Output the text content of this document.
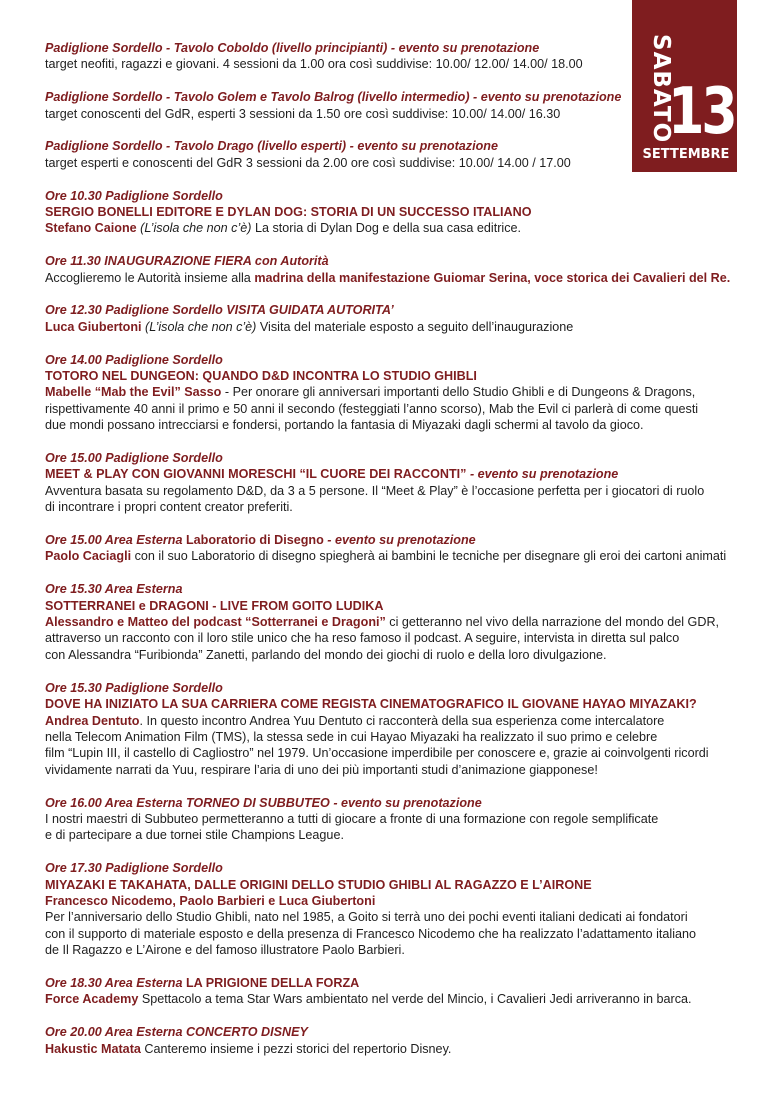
SABATO
13
SETTEMBRE
Padiglione Sordello - Tavolo Coboldo (livello principianti) - evento su prenotazione
target neofiti, ragazzi e giovani. 4 sessioni da 1.00 ora così suddivise: 10.00/ 12.00/ 14.00/ 18.00
Padiglione Sordello - Tavolo Golem e Tavolo Balrog (livello intermedio) - evento su prenotazione
target conoscenti del GdR, esperti 3 sessioni da 1.50 ore così suddivise: 10.00/ 14.00/ 16.30
Padiglione Sordello - Tavolo Drago (livello esperti) - evento su prenotazione
target esperti e conoscenti del GdR 3 sessioni da 2.00 ore così suddivise: 10.00/ 14.00 / 17.00
Ore 10.30 Padiglione Sordello
SERGIO BONELLI EDITORE E DYLAN DOG: STORIA DI UN SUCCESSO ITALIANO
Stefano Caione (L’isola che non c’è) La storia di Dylan Dog e della sua casa editrice.
Ore 11.30 INAUGURAZIONE FIERA con Autorità
Accoglieremo le Autorità insieme alla madrina della manifestazione Guiomar Serina, voce storica dei Cavalieri del Re.
Ore 12.30 Padiglione Sordello VISITA GUIDATA AUTORITA’
Luca Giubertoni (L’isola che non c’è) Visita del materiale esposto a seguito dell’inaugurazione
Ore 14.00 Padiglione Sordello
TOTORO NEL DUNGEON: QUANDO D&D INCONTRA LO STUDIO GHIBLI
Mabelle “Mab the Evil” Sasso - Per onorare gli anniversari importanti dello Studio Ghibli e di Dungeons & Dragons,
rispettivamente 40 anni il primo e 50 anni il secondo (festeggiati l’anno scorso), Mab the Evil ci parlerà di come questi
due mondi possano intrecciarsi e fondersi, portando la fantasia di Miyazaki dagli schermi al tavolo da gioco.
Ore 15.00 Padiglione Sordello
MEET & PLAY CON GIOVANNI MORESCHI “IL CUORE DEI RACCONTI” - evento su prenotazione
Avventura basata su regolamento D&D, da 3 a 5 persone. Il “Meet & Play” è l’occasione perfetta per i giocatori di ruolo
di incontrare i propri content creator preferiti.
Ore 15.00 Area Esterna Laboratorio di Disegno - evento su prenotazione
Paolo Caciagli con il suo Laboratorio di disegno spiegherà ai bambini le tecniche per disegnare gli eroi dei cartoni animati
Ore 15.30 Area Esterna
SOTTERRANEI e DRAGONI - LIVE FROM GOITO LUDIKA
Alessandro e Matteo del podcast “Sotterranei e Dragoni” ci getteranno nel vivo della narrazione del mondo del GDR,
attraverso un racconto con il loro stile unico che ha reso famoso il podcast. A seguire, intervista in diretta sul palco
con Alessandra “Furibionda” Zanetti, parlando del mondo dei giochi di ruolo e della loro divulgazione.
Ore 15.30 Padiglione Sordello
DOVE HA INIZIATO LA SUA CARRIERA COME REGISTA CINEMATOGRAFICO IL GIOVANE HAYAO MIYAZAKI?
Andrea Dentuto. In questo incontro Andrea Yuu Dentuto ci racconterà della sua esperienza come intercalatore
nella Telecom Animation Film (TMS), la stessa sede in cui Hayao Miyazaki ha realizzato il suo primo e celebre
film “Lupin III, il castello di Cagliostro” nel 1979. Un’occasione imperdibile per conoscere e, grazie ai coinvolgenti ricordi
vividamente narrati da Yuu, respirare l’aria di uno dei più importanti studi d’animazione giapponese!
Ore 16.00 Area Esterna TORNEO DI SUBBUTEO - evento su prenotazione
I nostri maestri di Subbuteo permetteranno a tutti di giocare a fronte di una formazione con regole semplificate
e di partecipare a due tornei stile Champions League.
Ore 17.30 Padiglione Sordello
MIYAZAKI E TAKAHATA, DALLE ORIGINI DELLO STUDIO GHIBLI AL RAGAZZO E L’AIRONE
Francesco Nicodemo, Paolo Barbieri e Luca Giubertoni
Per l’anniversario dello Studio Ghibli, nato nel 1985, a Goito si terrà uno dei pochi eventi italiani dedicati ai fondatori
con il supporto di materiale esposto e della presenza di Francesco Nicodemo che ha realizzato l’adattamento italiano
de Il Ragazzo e L’Airone e del famoso illustratore Paolo Barbieri.
Ore 18.30 Area Esterna LA PRIGIONE DELLA FORZA
Force Academy Spettacolo a tema Star Wars ambientato nel verde del Mincio, i Cavalieri Jedi arriveranno in barca.
Ore 20.00 Area Esterna CONCERTO DISNEY
Hakustic Matata Canteremo insieme i pezzi storici del repertorio Disney.
